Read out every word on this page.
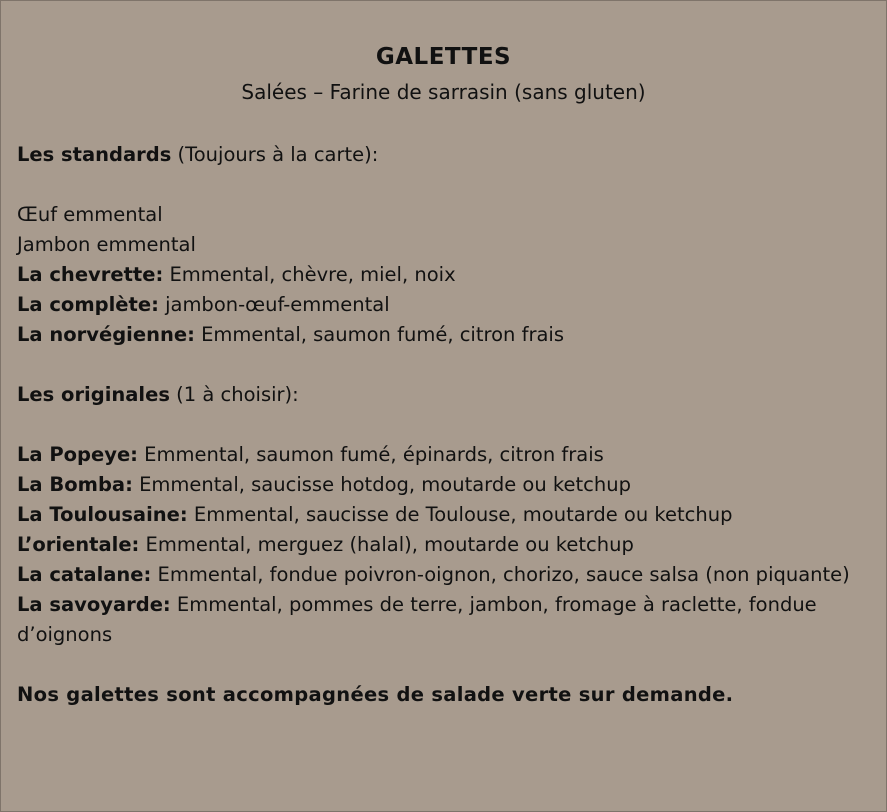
GALETTES
Salées – Farine de sarrasin (sans gluten)

Les standards (Toujours à la carte):

Œuf emmental

Jambon emmental

La chevrette: Emmental, chèvre, miel, noix

La complète: jambon-œuf-emmental

La norvégienne: Emmental, saumon fumé, citron frais

Les originales (1 à choisir):

La Popeye: Emmental, saumon fumé, épinards, citron frais

La Bomba: Emmental, saucisse hotdog, moutarde ou ketchup

La Toulousaine: Emmental, saucisse de Toulouse, moutarde ou ketchup

L’orientale: Emmental, merguez (halal), moutarde ou ketchup

La catalane: Emmental, fondue poivron-oignon, chorizo, sauce salsa (non piquante)

La savoyarde: Emmental, pommes de terre, jambon, fromage à raclette, fondue d’oignons

Nos galettes sont accompagnées de salade verte sur demande.
